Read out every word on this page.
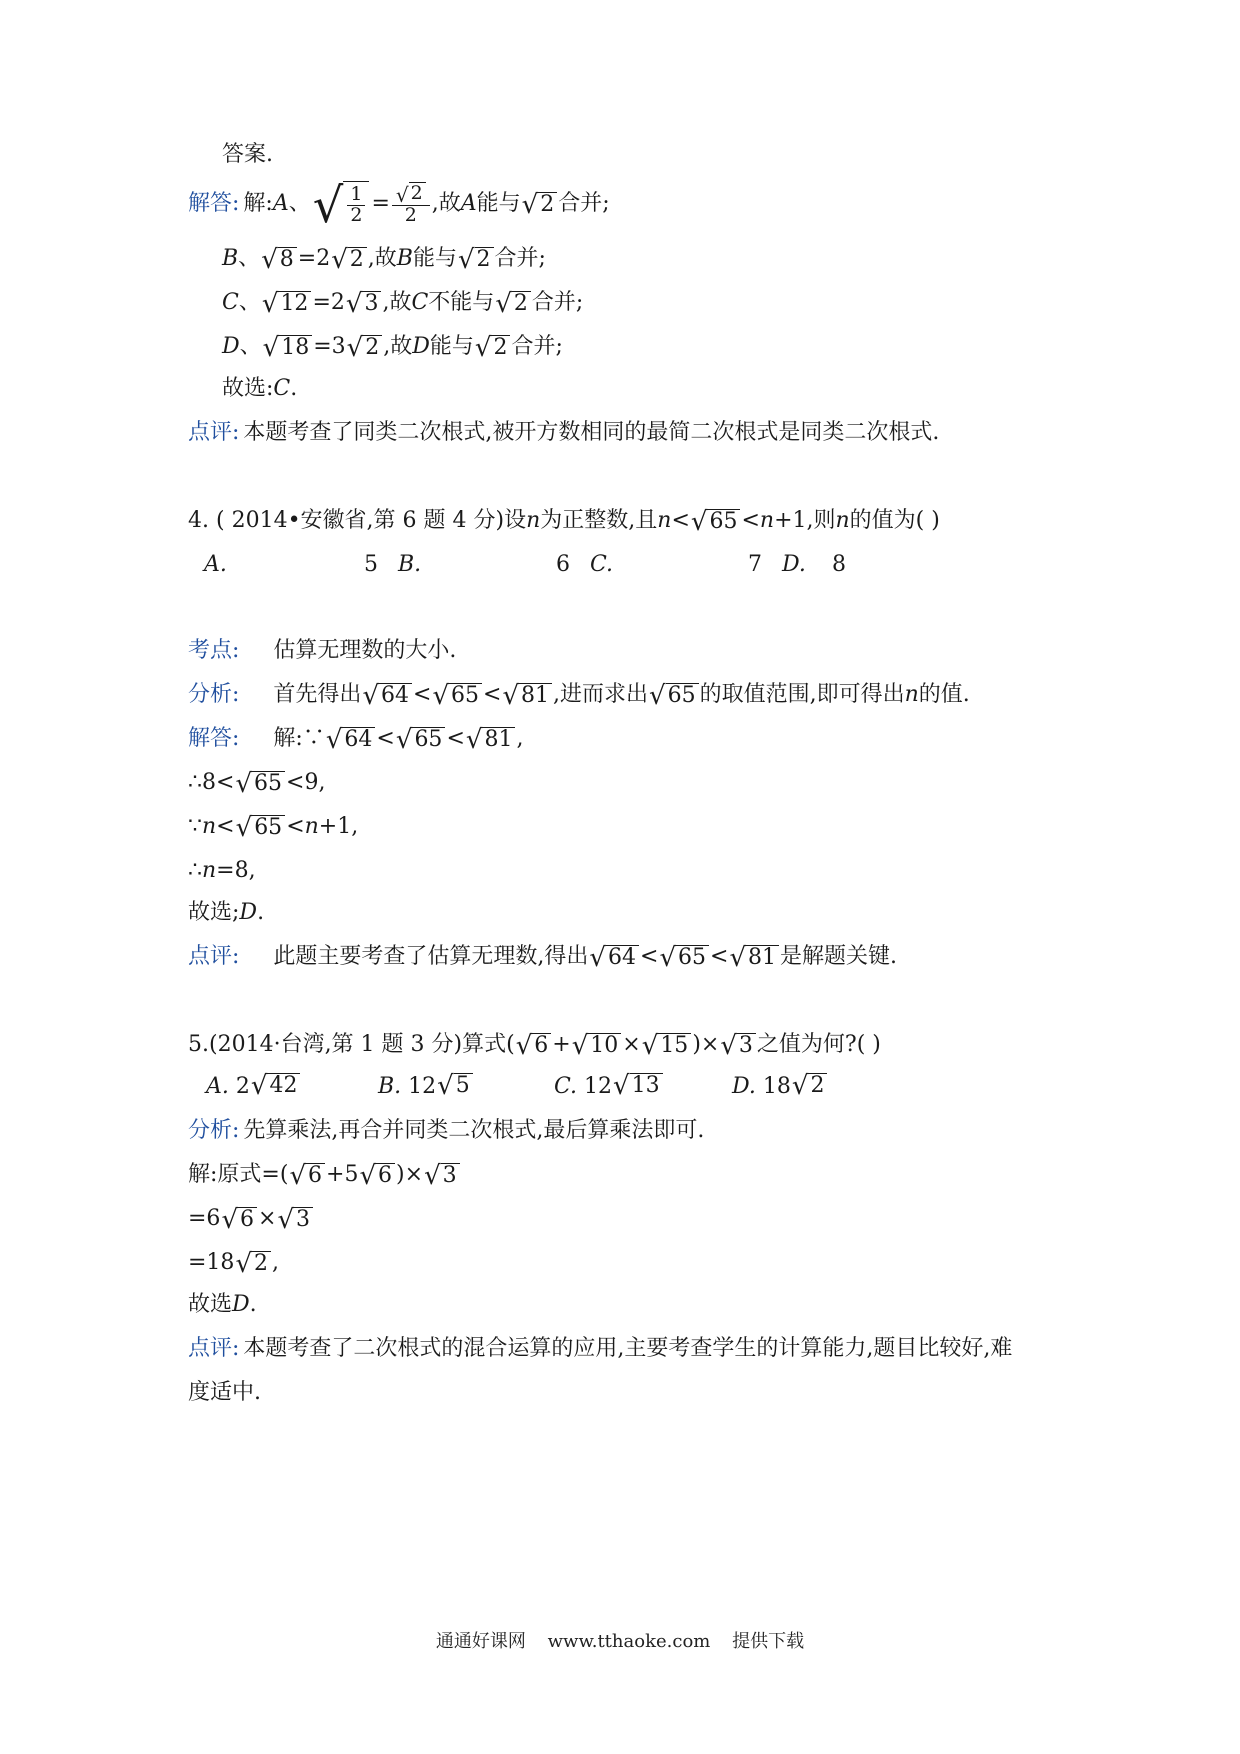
答案.
解答: 解: A 、 √ $\frac{1}{2} = \frac{√ 2}{2}$ ,故 A 能与 √ 2 合并;
B 、 √ 8 =2 √ 2 ,故 B 能与 √ 2 合并;
C 、 √ 12 =2 √ 3 ,故 C 不能与 √ 2 合并;
D 、 √ 18 =3 √ 2 ,故 D 能与 √ 2 合并;
故选: C .
点评: 本题考查了同类二次根式,被开方数相同的最简二次根式是同类二次根式.
4.
( 2014•安徽省,第 6 题 4 分)设 n 为正整数,且 n < √ 65 < n +1,则 n 的值为( )
A.	5 B.	6 C.	7 D. 8
考点: 估算无理数的大小.
分析: 首先得出 √ 64 < √ 65 < √ 81 ,进而求出 √ 65 的取值范围,即可得出 n 的值.
解答: 解:∵ √ 64 < √ 65 < √ 81 ,
∴8< √ 65 <9,
∵ n < √ 65 < n +1,
∴ n =8,
故选; D .
点评: 此题主要考查了估算无理数,得出 √ 64 < √ 65 < √ 81 是解题关键.
5. (2014·台湾,第 1 题 3 分)算式( √ 6 + √ 10 × √ 15 )× √ 3 之值为何?( )
A. 2 √ 42	B. 12 √ 5	C. 12 √ 13	D. 18 √ 2
分析: 先算乘法,再合并同类二次根式,最后算乘法即可.
解:原式=( √ 6 +5 √ 6 )× √ 3
=6 √ 6 × √ 3
=18 √ 2 ,
故选 D .
点评: 本题考查了二次根式的混合运算的应用,主要考查学生的计算能力,题目比较好,难
度适中.
通通好课网 www.tthaoke.com 提供下载
